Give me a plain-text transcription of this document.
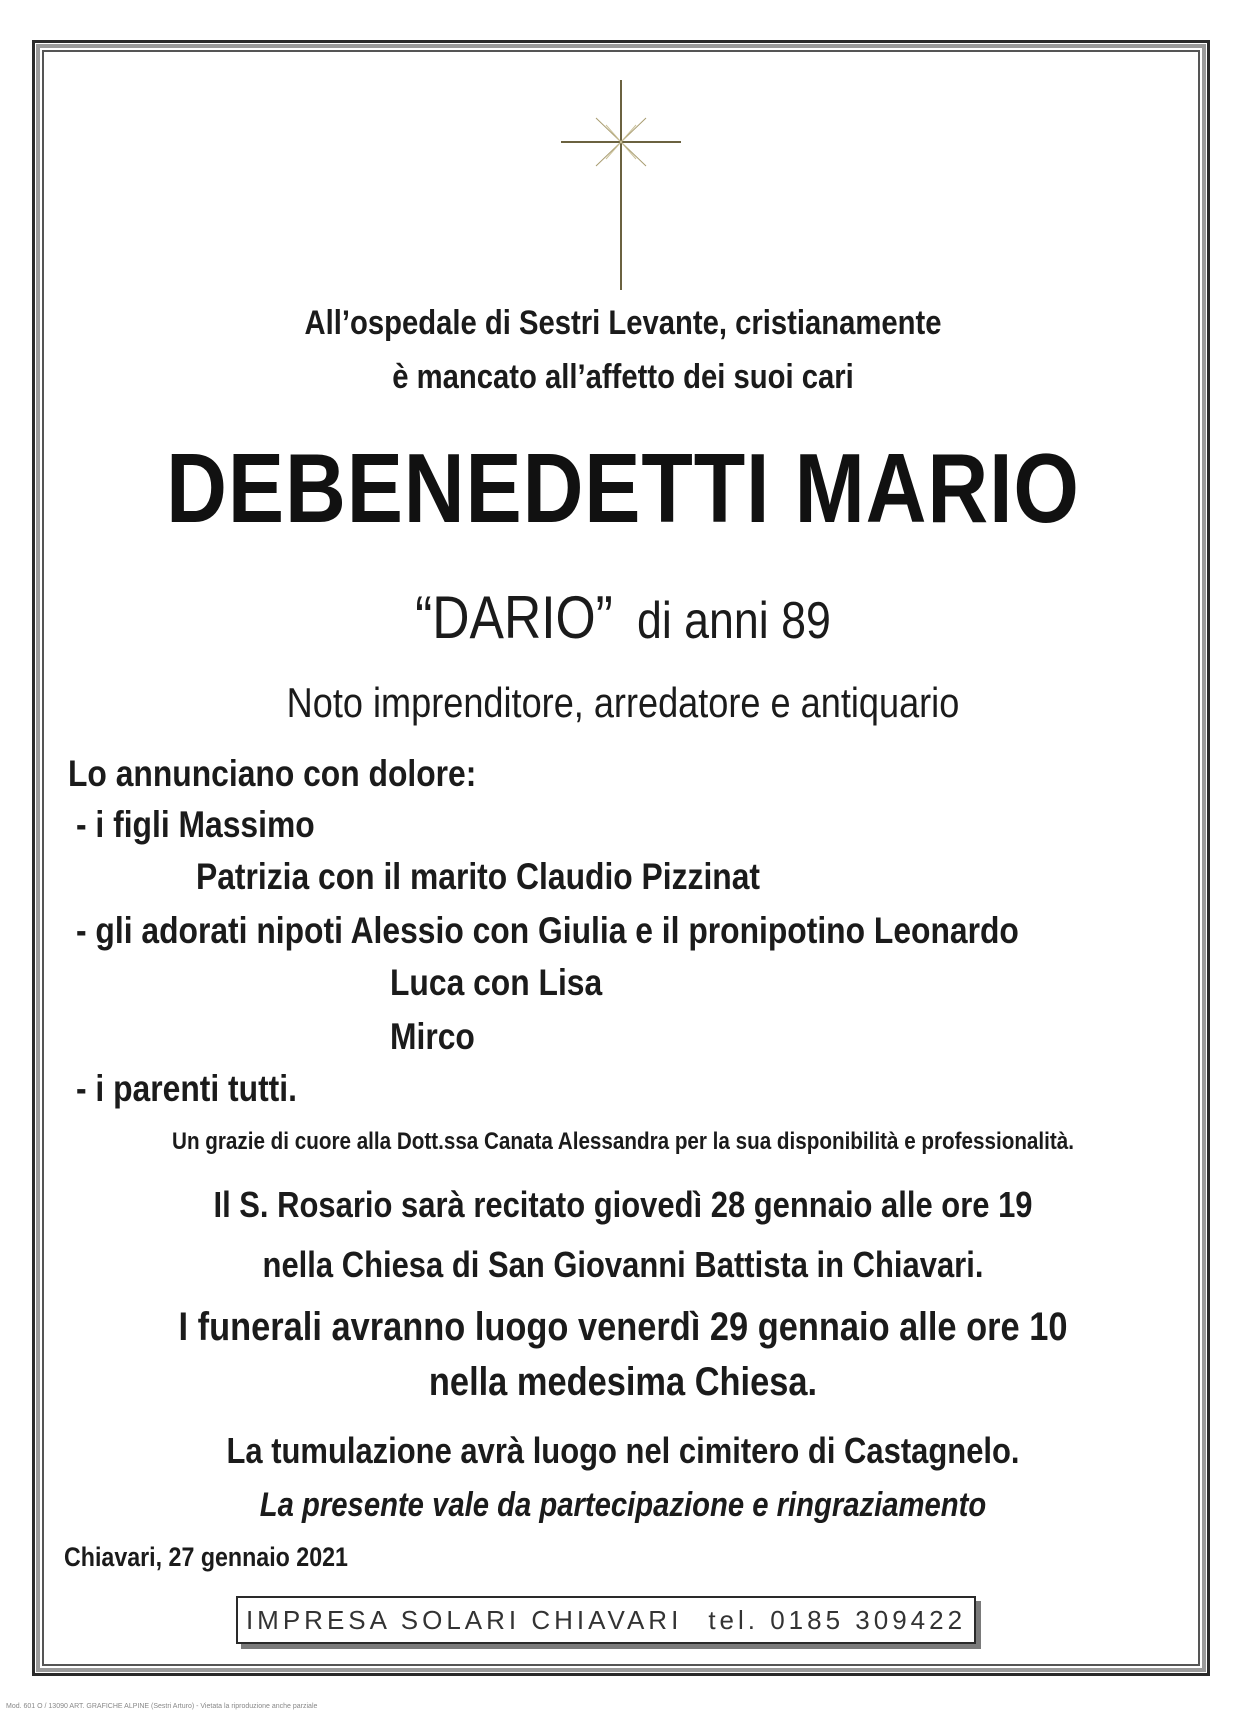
All’ospedale di Sestri Levante, cristianamente
è mancato all’affetto dei suoi cari
DEBENEDETTI MARIO
“DARIO” di anni 89
Noto imprenditore, arredatore e antiquario
Lo annunciano con dolore:
- i figli Massimo
Patrizia con il marito Claudio Pizzinat
- gli adorati nipoti Alessio con Giulia e il pronipotino Leonardo
Luca con Lisa
Mirco
- i parenti tutti.
Un grazie di cuore alla Dott.ssa Canata Alessandra per la sua disponibilità e professionalità.
Il S. Rosario sarà recitato giovedì 28 gennaio alle ore 19
nella Chiesa di San Giovanni Battista in Chiavari.
I funerali avranno luogo venerdì 29 gennaio alle ore 10
nella medesima Chiesa.
La tumulazione avrà luogo nel cimitero di Castagnelo.
La presente vale da partecipazione e ringraziamento
Chiavari, 27 gennaio 2021
IMPRESA SOLARI CHIAVARI tel. 0185 309422
Mod. 601 O / 13090 ART. GRAFICHE ALPINE (Sestri Arturo) - Vietata la riproduzione anche parziale
